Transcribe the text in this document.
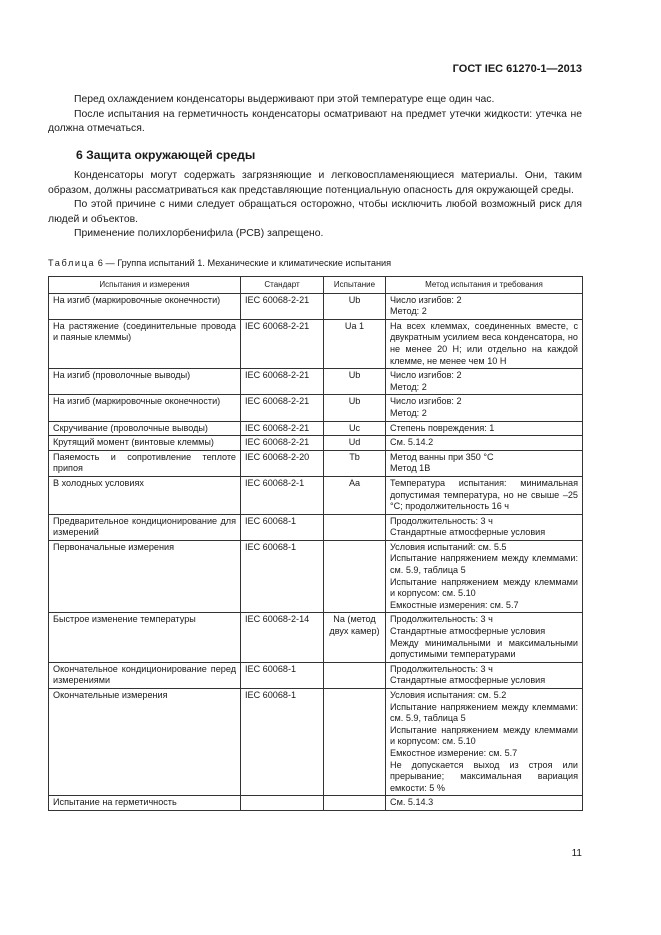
ГОСТ IEC 61270-1—2013

Перед охлаждением конденсаторы выдерживают при этой температуре еще один час.

После испытания на герметичность конденсаторы осматривают на предмет утечки жидкости: утечка не должна отмечаться.

6 Защита окружающей среды

Конденсаторы могут содержать загрязняющие и легковоспламеняющиеся материалы. Они, таким образом, должны рассматриваться как представляющие потенциальную опасность для окружающей среды.

По этой причине с ними следует обращаться осторожно, чтобы исключить любой возможный риск для людей и объектов.

Применение полихлорбенифила (PCB) запрещено.

Таблица 6 — Группа испытаний 1. Механические и климатические испытания
Испытания и измерения	Стандарт	Испытание	Метод испытания и требования
На изгиб (маркировочные оконечности)	IEC 60068-2-21	Ub	Число изгибов: 2
Метод: 2

На растяжение (соединительные провода и паяные клеммы)	IEC 60068-2-21	Ua 1	На всех клеммах, соединенных вместе, с двукратным усилием веса конденсатора, но не менее 20 Н; или отдельно на каждой клемме, не менее чем 10 Н

На изгиб (проволочные выводы)	IEC 60068-2-21	Ub	Число изгибов: 2
Метод: 2

На изгиб (маркировочные оконечности)	IEC 60068-2-21	Ub	Число изгибов: 2
Метод: 2

Скручивание (проволочные выводы)	IEC 60068-2-21	Uc	Степень повреждения: 1

Крутящий момент (винтовые клеммы)	IEC 60068-2-21	Ud	См. 5.14.2

Паяемость и сопротивление теплоте припоя	IEC 60068-2-20	Tb	Метод ванны при 350 °C
Метод 1В

В холодных условиях	IEC 60068-2-1	Aa	Температура испытания: минимальная допустимая температура, но не свыше –25 °C; продолжительность 16 ч

Предварительное кондиционирование для измерений	IEC 60068-1		Продолжительность: 3 ч
Стандартные атмосферные условия

Первоначальные измерения	IEC 60068-1		Условия испытаний: см. 5.5
Испытание напряжением между клеммами: см. 5.9, таблица 5
Испытание напряжением между клеммами и корпусом: см. 5.10
Емкостные измерения: см. 5.7

Быстрое изменение температуры	IEC 60068-2-14	Na (метод двух камер)	Продолжительность: 3 ч
Стандартные атмосферные условия
Между минимальными и максимальными допустимыми температурами

Окончательное кондиционирование перед измерениями	IEC 60068-1		Продолжительность: 3 ч
Стандартные атмосферные условия

Окончательные измерения	IEC 60068-1		Условия испытания: см. 5.2
Испытание напряжением между клеммами: см. 5.9, таблица 5
Испытание напряжением между клеммами и корпусом: см. 5.10
Емкостное измерение: см. 5.7
Не допускается выход из строя или прерывание; максимальная вариация емкости: 5 %

Испытание на герметичность			См. 5.14.3
11
